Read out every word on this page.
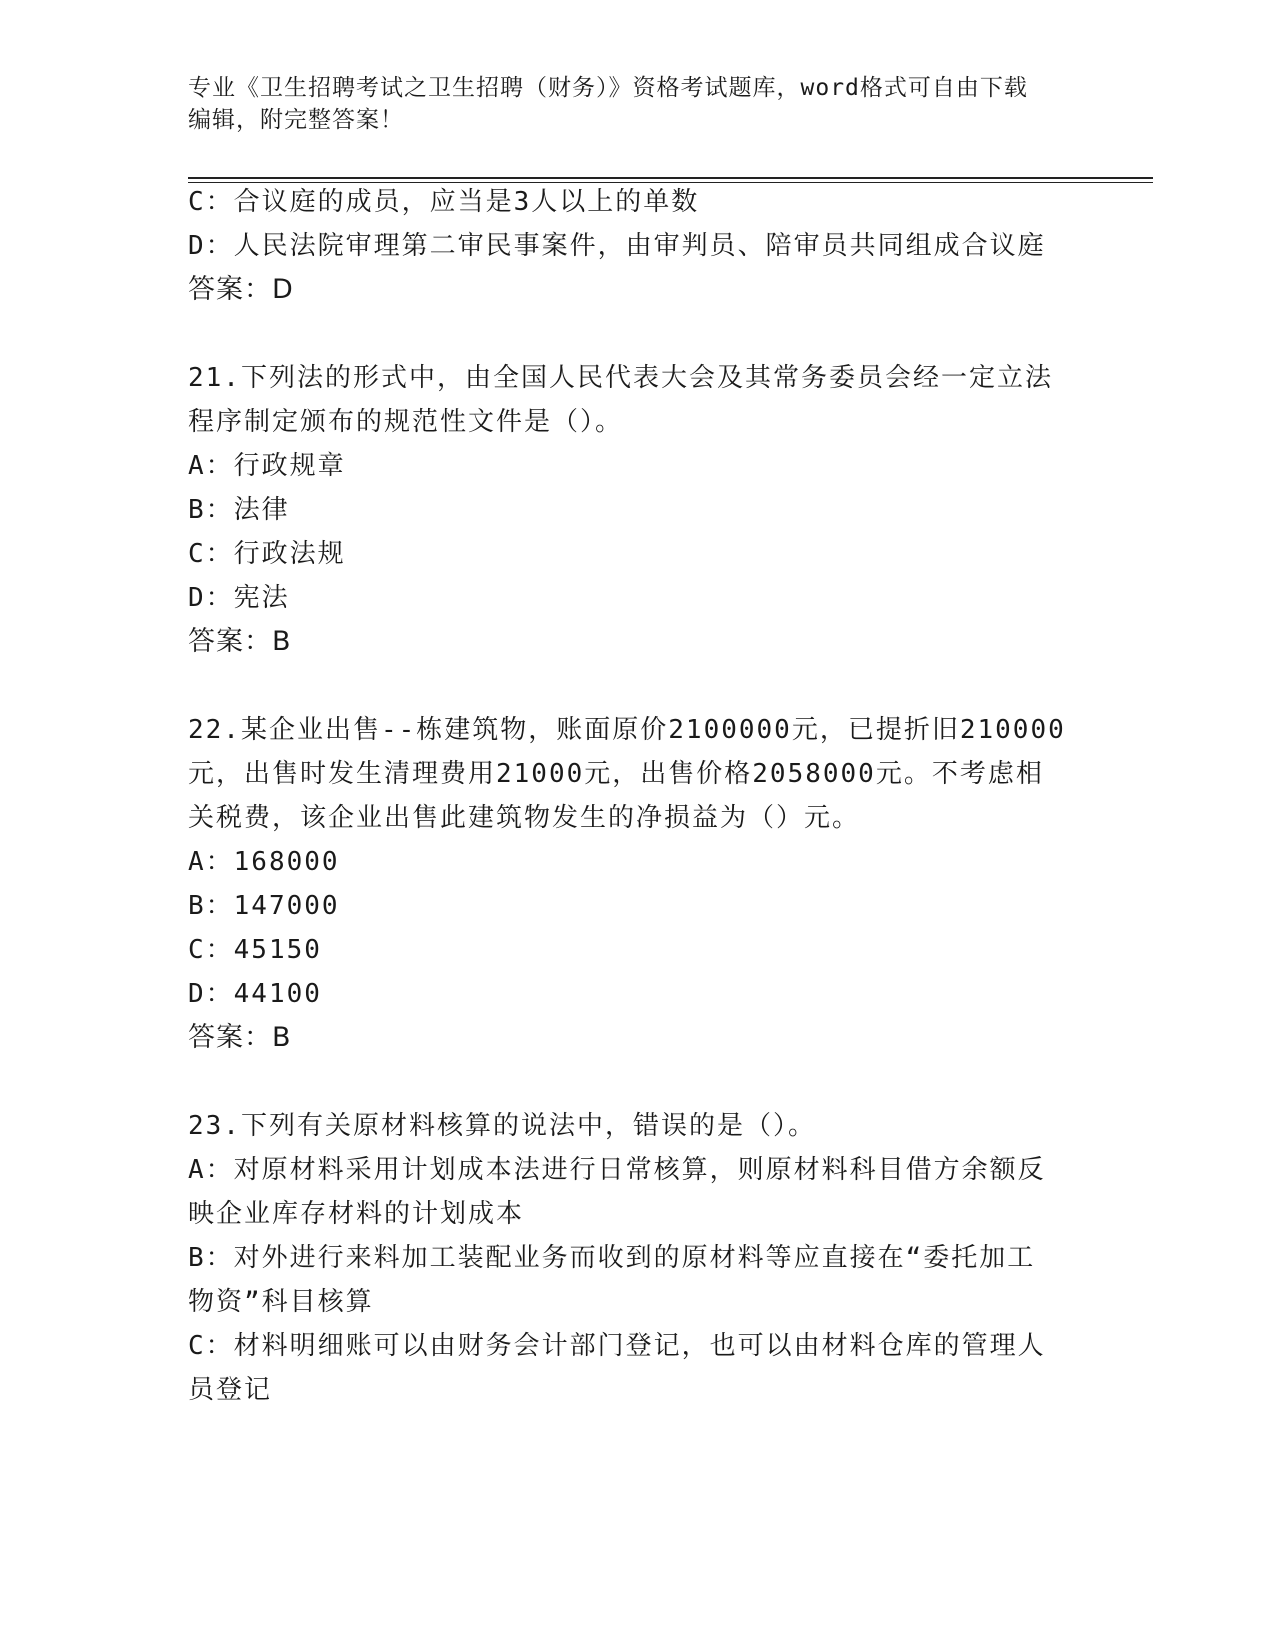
专业《卫生招聘考试之卫生招聘（财务）》资格考试题库，word格式可自由下载
编辑，附完整答案！
C：合议庭的成员，应当是3人以上的单数
D：人民法院审理第二审民事案件，由审判员、陪审员共同组成合议庭
答案：D
21.下列法的形式中，由全国人民代表大会及其常务委员会经一定立法
程序制定颁布的规范性文件是（）。
A：行政规章
B：法律
C：行政法规
D：宪法
答案：B
22.某企业出售--栋建筑物，账面原价2100000元，已提折旧210000
元，出售时发生清理费用21000元，出售价格2058000元。不考虑相
关税费，该企业出售此建筑物发生的净损益为（）元。
A：168000
B：147000
C：45150
D：44100
答案：B
23.下列有关原材料核算的说法中，错误的是（）。
A：对原材料采用计划成本法进行日常核算，则原材料科目借方余额反
映企业库存材料的计划成本
B：对外进行来料加工装配业务而收到的原材料等应直接在“委托加工
物资”科目核算
C：材料明细账可以由财务会计部门登记，也可以由材料仓库的管理人
员登记
